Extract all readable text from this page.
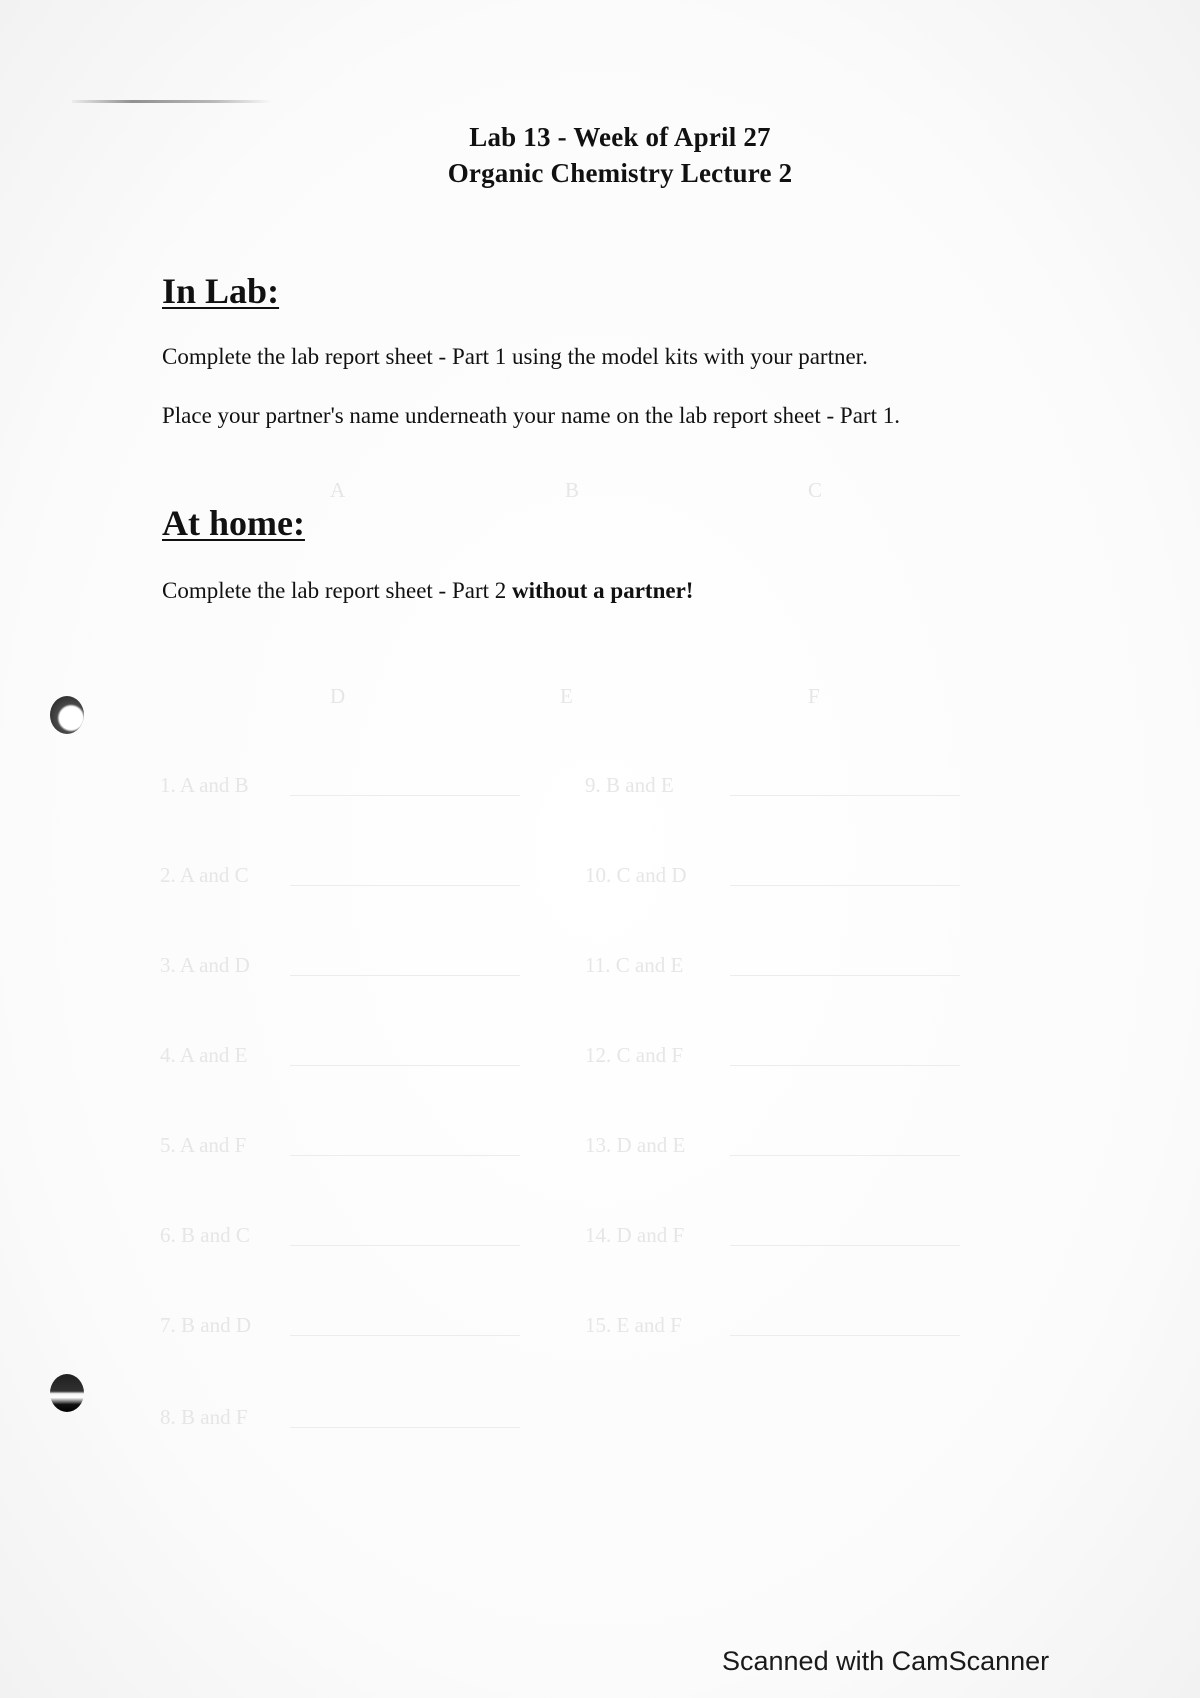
A	B	C
D	E	F
1. A and B
2. A and C
3. A and D
4. A and E
5. A and F
6. B and C
7. B and D
8. B and F
9. B and E
10. C and D
11. C and E
12. C and F
13. D and E
14. D and F
15. E and F
Lab 13 - Week of April 27
Organic Chemistry Lecture 2
In Lab:
Complete the lab report sheet - Part 1 using the model kits with your partner.
Place your partner's name underneath your name on the lab report sheet - Part 1.
At home:
Complete the lab report sheet - Part 2 without a partner!
Scanned with CamScanner
